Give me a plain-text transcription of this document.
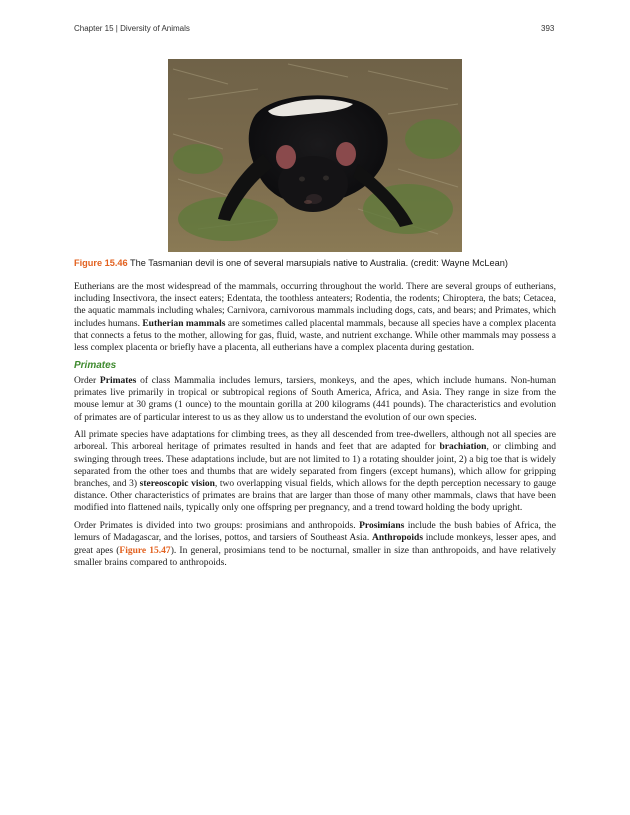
Chapter 15 | Diversity of Animals	393
Figure 15.46 The Tasmanian devil is one of several marsupials native to Australia. (credit: Wayne McLean)

Eutherians are the most widespread of the mammals, occurring throughout the world. There are several groups of eutherians, including Insectivora, the insect eaters; Edentata, the toothless anteaters; Rodentia, the rodents; Chiroptera, the bats; Cetacea, the aquatic mammals including whales; Carnivora, carnivorous mammals including dogs, cats, and bears; and Primates, which includes humans. Eutherian mammals are sometimes called placental mammals, because all species have a complex placenta that connects a fetus to the mother, allowing for gas, fluid, waste, and nutrient exchange. While other mammals may possess a less complex placenta or briefly have a placenta, all eutherians have a complex placenta during gestation.

Primates

Order Primates of class Mammalia includes lemurs, tarsiers, monkeys, and the apes, which include humans. Non-human primates live primarily in tropical or subtropical regions of South America, Africa, and Asia. They range in size from the mouse lemur at 30 grams (1 ounce) to the mountain gorilla at 200 kilograms (441 pounds). The characteristics and evolution of primates are of particular interest to us as they allow us to understand the evolution of our own species.

All primate species have adaptations for climbing trees, as they all descended from tree-dwellers, although not all species are arboreal. This arboreal heritage of primates resulted in hands and feet that are adapted for brachiation, or climbing and swinging through trees. These adaptations include, but are not limited to 1) a rotating shoulder joint, 2) a big toe that is widely separated from the other toes and thumbs that are widely separated from fingers (except humans), which allow for gripping branches, and 3) stereoscopic vision, two overlapping visual fields, which allows for the depth perception necessary to gauge distance. Other characteristics of primates are brains that are larger than those of many other mammals, claws that have been modified into flattened nails, typically only one offspring per pregnancy, and a trend toward holding the body upright.

Order Primates is divided into two groups: prosimians and anthropoids. Prosimians include the bush babies of Africa, the lemurs of Madagascar, and the lorises, pottos, and tarsiers of Southeast Asia. Anthropoids include monkeys, lesser apes, and great apes (Figure 15.47). In general, prosimians tend to be nocturnal, smaller in size than anthropoids, and have relatively smaller brains compared to anthropoids.
